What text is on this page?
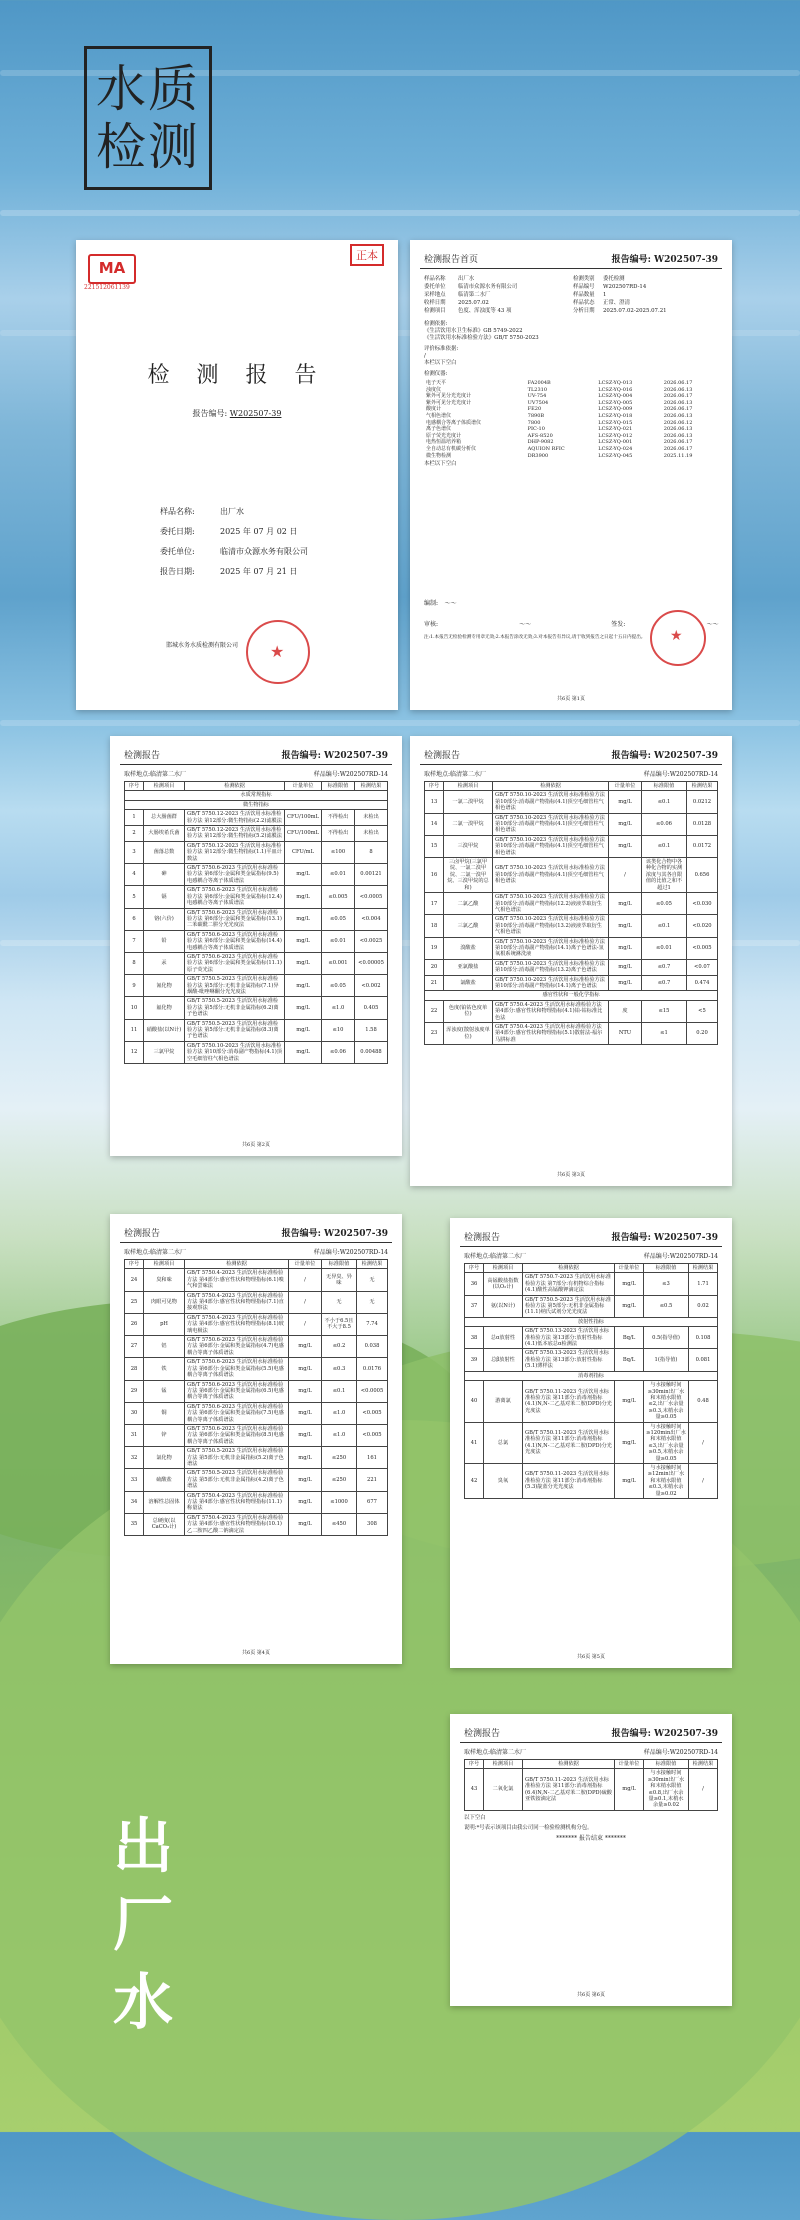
水质
检测
出
厂
水
MA
221512061139
正本
检 测 报 告
报告编号: W202507-39
样品名称:	出厂水
委托日期:	2025 年 07 月 02 日
委托单位:	临清市众源水务有限公司
报告日期:	2025 年 07 月 21 日
邯城水务水质检测有限公司 ★
检测报告首页	报告编号: W202507-39
样品名称	出厂水	检测类别	委托检测
委托单位	临清市众源水务有限公司	样品编号	W202507RD-14
采样地点	临清第二水厂	样品数量	1
收样日期	2025.07.02	样品状态	正常、澄清
检测项目	色度、浑浊度等 43 项	分析日期	2025.07.02-2025.07.21
检测依据:
《生活饮用水卫生标准》GB 5749-2022
《生活饮用水标准检验方法》GB/T 5750-2023
评价标准依据:
/
本栏以下空白
检测仪器:
电子天平	FA2004B	LCSZ-YQ-013	2026.06.17
浊度仪	TL2310	LCSZ-YQ-016	2026.06.13
紫外可见分光光度计	UV-754	LCSZ-YQ-004	2026.06.17
紫外可见分光光度计	UV7504	LCSZ-YQ-005	2026.06.13
酸度计	FE20	LCSZ-YQ-009	2026.06.17
气相色谱仪	7890B	LCSZ-YQ-018	2026.06.13
电感耦合等离子体质谱仪	7800	LCSZ-YQ-015	2026.06.12
离子色谱仪	PIC-10	LCSZ-YQ-021	2026.06.13
原子荧光光度计	AFS-8520	LCSZ-YQ-012	2026.06.13
电热恒温培养箱	DHP-9082	LCSZ-YQ-001	2026.06.17
全自动总有机碳分析仪	AQUION RFIC	LCSZ-YQ-024	2026.06.17
微生物检测	DR3900	LCSZ-YQ-045	2025.11.19
本栏以下空白
编制: ～～
审核:	～～	签发:	～～
注:1.本报告无检验检测专用章无效;2.本报告涂改无效;3.对本报告有异议,请于收到报告之日起十五日内提出。	★
共6页 第1页
检测报告	报告编号: W202507-39
取样地点:临清第二水厂	样品编号:W202507RD-14
序号	检测项目	检测依据	计量单位	标准限值	检测结果
水质常规指标					
微生物指标					
1	总大肠菌群	GB/T 5750.12-2023 生活饮用水标准检验方法 第12部分:微生物指标(2.2)滤膜法	CFU/100mL	不得检出	未检出
2	大肠埃希氏菌	GB/T 5750.12-2023 生活饮用水标准检验方法 第12部分:微生物指标(5.2)滤膜法	CFU/100mL	不得检出	未检出
3	菌落总数	GB/T 5750.12-2023 生活饮用水标准检验方法 第12部分:微生物指标(1.1)平皿计数法	CFU/mL	≤100	8
4	砷	GB/T 5750.6-2023 生活饮用水标准检验方法 第6部分:金属和类金属指标(9.5)电感耦合等离子体质谱法	mg/L	≤0.01	0.00121
5	镉	GB/T 5750.6-2023 生活饮用水标准检验方法 第6部分:金属和类金属指标(12.4)电感耦合等离子体质谱法	mg/L	≤0.005	<0.0005
6	铬(六价)	GB/T 5750.6-2023 生活饮用水标准检验方法 第6部分:金属和类金属指标(13.1)二苯碳酰二肼分光光度法	mg/L	≤0.05	<0.004
7	铅	GB/T 5750.6-2023 生活饮用水标准检验方法 第6部分:金属和类金属指标(14.4)电感耦合等离子体质谱法	mg/L	≤0.01	<0.0025
8	汞	GB/T 5750.6-2023 生活饮用水标准检验方法 第6部分:金属和类金属指标(11.1)原子荧光法	mg/L	≤0.001	<0.00005
9	氰化物	GB/T 5750.5-2023 生活饮用水标准检验方法 第5部分:无机非金属指标(7.1)异烟酸-吡唑啉酮分光光度法	mg/L	≤0.05	<0.002
10	氟化物	GB/T 5750.5-2023 生活饮用水标准检验方法 第5部分:无机非金属指标(6.2)离子色谱法	mg/L	≤1.0	0.405
11	硝酸盐(以N计)	GB/T 5750.5-2023 生活饮用水标准检验方法 第5部分:无机非金属指标(8.3)离子色谱法	mg/L	≤10	1.58
12	三氯甲烷	GB/T 5750.10-2023 生活饮用水标准检验方法 第10部分:消毒副产物指标(4.1)顶空毛细管柱气相色谱法	mg/L	≤0.06	0.00488
共6页 第2页
检测报告	报告编号: W202507-39
取样地点:临清第二水厂	样品编号:W202507RD-14
序号	检测项目	检测依据	计量单位	标准限值	检测结果
13	一氯二溴甲烷	GB/T 5750.10-2023 生活饮用水标准检验方法 第10部分:消毒副产物指标(4.1)顶空毛细管柱气相色谱法	mg/L	≤0.1	0.0212
14	二氯一溴甲烷	GB/T 5750.10-2023 生活饮用水标准检验方法 第10部分:消毒副产物指标(4.1)顶空毛细管柱气相色谱法	mg/L	≤0.06	0.0128
15	三溴甲烷	GB/T 5750.10-2023 生活饮用水标准检验方法 第10部分:消毒副产物指标(4.1)顶空毛细管柱气相色谱法	mg/L	≤0.1	0.0172
16	三卤甲烷(三氯甲烷、一氯二溴甲烷、二氯一溴甲烷、三溴甲烷的总和)	GB/T 5750.10-2023 生活饮用水标准检验方法 第10部分:消毒副产物指标(4.1)顶空毛细管柱气相色谱法	/	该类化合物中各种化合物的实测浓度与其各自限值的比值之和不超过1	0.656
17	二氯乙酸	GB/T 5750.10-2023 生活饮用水标准检验方法 第10部分:消毒副产物指标(12.2)液液萃取衍生气相色谱法	mg/L	≤0.05	<0.030
18	三氯乙酸	GB/T 5750.10-2023 生活饮用水标准检验方法 第10部分:消毒副产物指标(13.2)液液萃取衍生气相色谱法	mg/L	≤0.1	<0.020
19	溴酸盐	GB/T 5750.10-2023 生活饮用水标准检验方法 第10部分:消毒副产物指标(14.1)离子色谱法-氢氧根系统淋洗液	mg/L	≤0.01	<0.005
20	亚氯酸盐	GB/T 5750.10-2023 生活饮用水标准检验方法 第10部分:消毒副产物指标(13.2)离子色谱法	mg/L	≤0.7	<0.07
21	氯酸盐	GB/T 5750.10-2023 生活饮用水标准检验方法 第10部分:消毒副产物指标(14.1)离子色谱法	mg/L	≤0.7	0.474
感官性状和一般化学指标					
22	色度(铂钴色度单位)	GB/T 5750.4-2023 生活饮用水标准检验方法 第4部分:感官性状和物理指标(4.1)铂-钴标准比色法	度	≤15	<5
23	浑浊度(散射浊度单位)	GB/T 5750.4-2023 生活饮用水标准检验方法 第4部分:感官性状和物理指标(5.1)散射法-福尔马肼标准	NTU	≤1	0.20
共6页 第3页
检测报告	报告编号: W202507-39
取样地点:临清第二水厂	样品编号:W202507RD-14
序号	检测项目	检测依据	计量单位	标准限值	检测结果
24	臭和味	GB/T 5750.4-2023 生活饮用水标准检验方法 第4部分:感官性状和物理指标(6.1)嗅气和尝味法	/	无异臭、异味	无
25	肉眼可见物	GB/T 5750.4-2023 生活饮用水标准检验方法 第4部分:感官性状和物理指标(7.1)直接观察法	/	无	无
26	pH	GB/T 5750.4-2023 生活饮用水标准检验方法 第4部分:感官性状和物理指标(8.1)玻璃电极法	/	不小于6.5且不大于8.5	7.74
27	铝	GB/T 5750.6-2023 生活饮用水标准检验方法 第6部分:金属和类金属指标(4.7)电感耦合等离子体质谱法	mg/L	≤0.2	0.038
28	铁	GB/T 5750.6-2023 生活饮用水标准检验方法 第6部分:金属和类金属指标(5.5)电感耦合等离子体质谱法	mg/L	≤0.3	0.0176
29	锰	GB/T 5750.6-2023 生活饮用水标准检验方法 第6部分:金属和类金属指标(6.5)电感耦合等离子体质谱法	mg/L	≤0.1	<0.0005
30	铜	GB/T 5750.6-2023 生活饮用水标准检验方法 第6部分:金属和类金属指标(7.5)电感耦合等离子体质谱法	mg/L	≤1.0	<0.005
31	锌	GB/T 5750.6-2023 生活饮用水标准检验方法 第6部分:金属和类金属指标(8.5)电感耦合等离子体质谱法	mg/L	≤1.0	<0.005
32	氯化物	GB/T 5750.5-2023 生活饮用水标准检验方法 第5部分:无机非金属指标(5.2)离子色谱法	mg/L	≤250	161
33	硫酸盐	GB/T 5750.5-2023 生活饮用水标准检验方法 第5部分:无机非金属指标(4.2)离子色谱法	mg/L	≤250	221
34	溶解性总固体	GB/T 5750.4-2023 生活饮用水标准检验方法 第4部分:感官性状和物理指标(11.1)称量法	mg/L	≤1000	677
35	总硬度(以CaCO₃计)	GB/T 5750.4-2023 生活饮用水标准检验方法 第4部分:感官性状和物理指标(10.1)乙二胺四乙酸二钠滴定法	mg/L	≤450	308
共6页 第4页
检测报告	报告编号: W202507-39
取样地点:临清第二水厂	样品编号:W202507RD-14
序号	检测项目	检测依据	计量单位	标准限值	检测结果
36	高锰酸盐指数(以O₂计)	GB/T 5750.7-2023 生活饮用水标准检验方法 第7部分:有机物综合指标(4.1)酸性高锰酸钾滴定法	mg/L	≤3	1.71
37	氨(以N计)	GB/T 5750.5-2023 生活饮用水标准检验方法 第5部分:无机非金属指标(11.1)纳氏试剂分光光度法	mg/L	≤0.5	0.02
放射性指标					
38	总α放射性	GB/T 5750.13-2023 生活饮用水标准检验方法 第13部分:放射性指标(4.1)低本底总α检测法	Bq/L	0.5(指导值)	0.108
39	总β放射性	GB/T 5750.13-2023 生活饮用水标准检验方法 第13部分:放射性指标(5.1)薄样法	Bq/L	1(指导值)	0.081
消毒剂指标					
40	游离氯	GB/T 5750.11-2023 生活饮用水标准检验方法 第11部分:消毒剂指标(4.1)N,N-二乙基对苯二胺(DPD)分光光度法	mg/L	与水接触时间≥30min出厂水和末梢水限值≤2,出厂水余量≥0.3,末梢水余量≥0.05	0.48
41	总氯	GB/T 5750.11-2023 生活饮用水标准检验方法 第11部分:消毒剂指标(4.1)N,N-二乙基对苯二胺(DPD)分光光度法	mg/L	与水接触时间≥120min出厂水和末梢水限值≤3,出厂水余量≥0.5,末梢水余量≥0.05	/
42	臭氧	GB/T 5750.11-2023 生活饮用水标准检验方法 第11部分:消毒剂指标(5.3)靛蓝分光光度法	mg/L	与水接触时间≥12min出厂水和末梢水限值≤0.3,末梢水余量≥0.02	/
共6页 第5页
检测报告	报告编号: W202507-39
取样地点:临清第二水厂	样品编号:W202507RD-14
序号	检测项目	检测依据	计量单位	标准限值	检测结果
43	二氧化氯	GB/T 5750.11-2023 生活饮用水标准检验方法 第11部分:消毒剂指标(6.4)N,N-二乙基对苯二胺(DPD)硫酸亚铁铵滴定法	mg/L	与水接触时间≥30min出厂水和末梢水限值≤0.8,出厂水余量≥0.1,末梢水余量≥0.02	/
以下空白
说明:*号表示该项目由我公司同一检验检测机构分包。
******* 报告结束 *******
共6页 第6页
